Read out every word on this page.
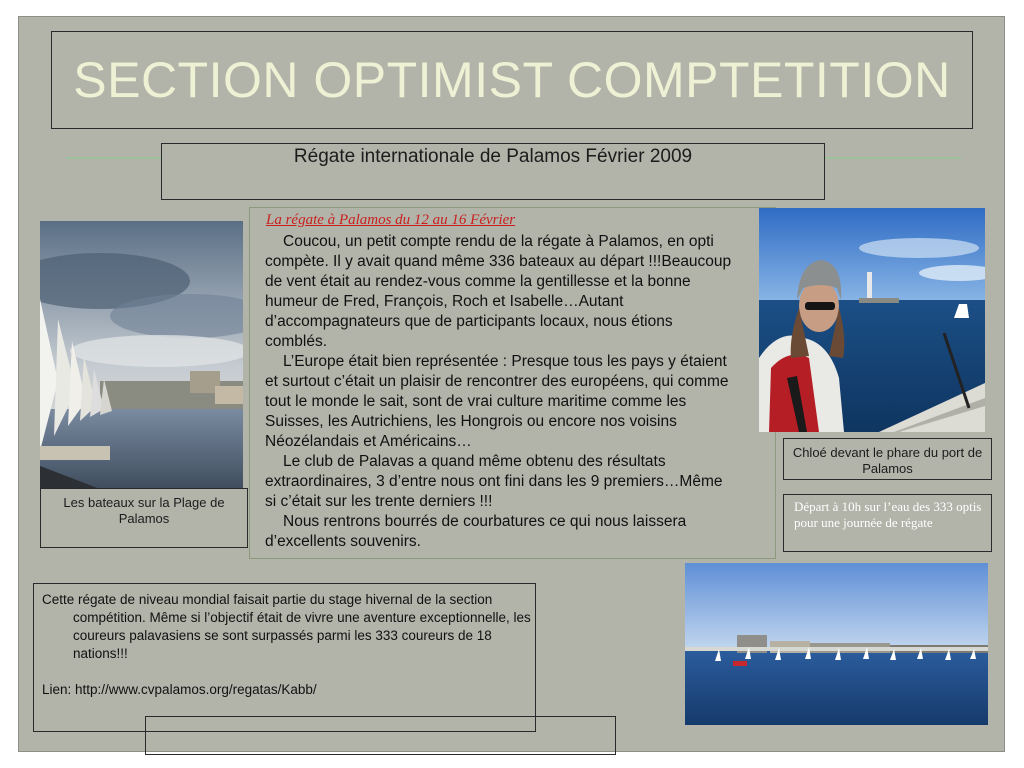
SECTION OPTIMIST COMPTETITION
Régate internationale de Palamos Février 2009

La régate à Palamos du 12 au 16 Février

Coucou, un petit compte rendu de la régate à Palamos, en opti compète. Il y avait quand même 336 bateaux au départ !!!Beaucoup de vent était au rendez-vous comme la gentillesse et la bonne humeur de Fred, François, Roch et Isabelle…Autant d’accompagnateurs que de participants locaux, nous étions comblés.

L’Europe était bien représentée : Presque tous les pays y étaient et surtout c’était un plaisir de rencontrer des européens, qui comme tout le monde le sait, sont de vrai culture maritime comme les Suisses, les Autrichiens, les Hongrois ou encore nos voisins Néozélandais et Américains…

Le club de Palavas a quand même obtenu des résultats extraordinaires, 3 d’entre nous ont fini dans les 9 premiers…Même si c’était sur les trente derniers !!!

Nous rentrons bourrés de courbatures ce qui nous laissera d’excellents souvenirs.

Chloé devant le phare du port de Palamos
Départ à 10h sur l’eau des 333 optis pour une journée de régate
Les bateaux sur la Plage de Palamos

Cette régate de niveau mondial faisait partie du stage hivernal de la section compétition. Même si l’objectif était de vivre une aventure exceptionnelle, les coureurs palavasiens se sont surpassés parmi les 333 coureurs de 18 nations!!!

Lien: http://www.cvpalamos.org/regatas/Kabb/
